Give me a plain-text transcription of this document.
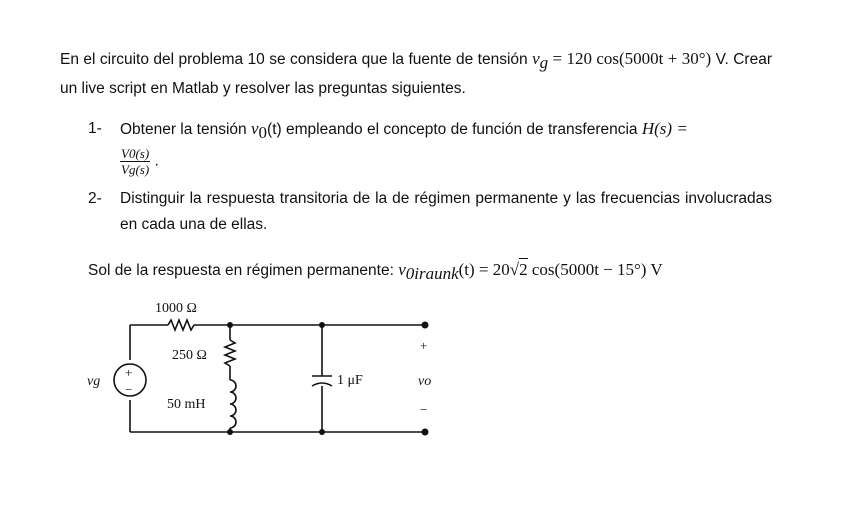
En el circuito del problema 10 se considera que la fuente de tensión $v_g = 120$ cos(5000t + 30°) V. Crear un live script en Matlab y resolver las preguntas siguientes.
1- Obtener la tensión $v_0(t)$ empleando el concepto de función de transferencia H(s) =

$\frac{V0(s)}{Vg(s)}$ .
2- Distinguir la respuesta transitoria de la de régimen permanente y las frecuencias involucradas en cada una de ellas.
Sol de la respuesta en régimen permanente: $v_{0iraunk}(t) = 20√2$ cos(5000t − 15°) V
1000 Ω
250 Ω
50 mH
1 μF
vg
+
−
+
vo
−
